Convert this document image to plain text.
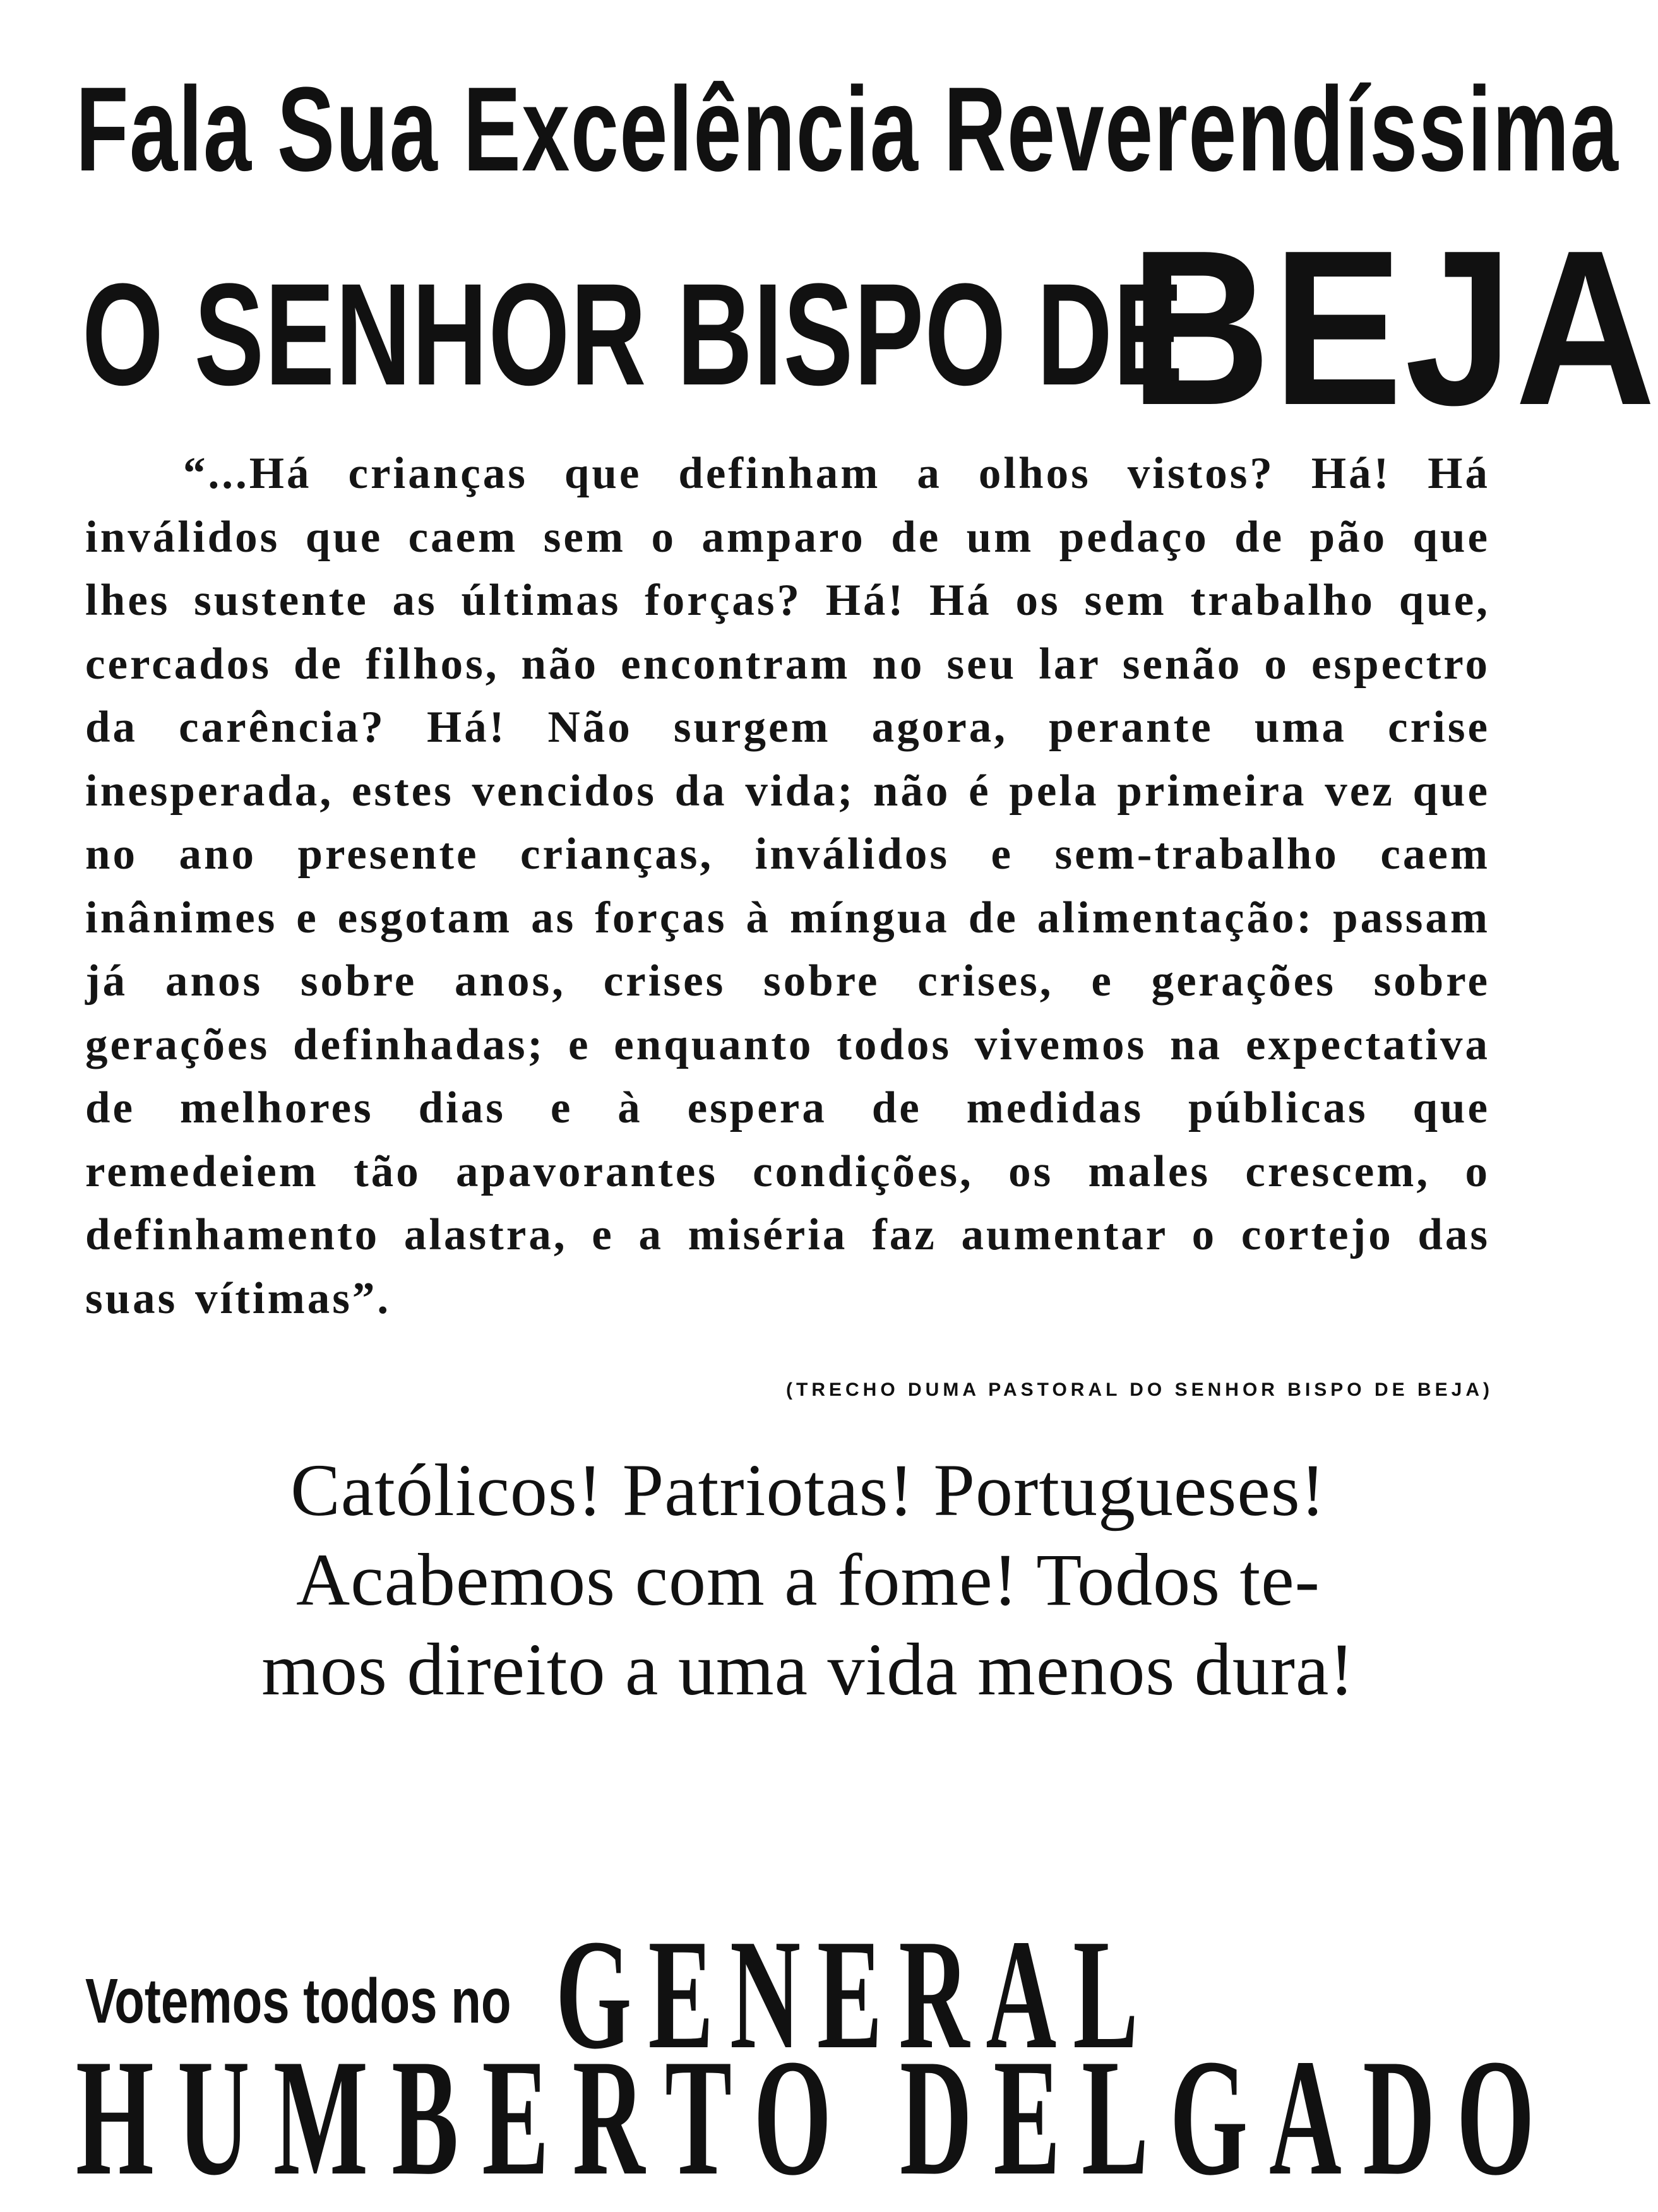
Fala Sua Excelência Reverendíssima
O SENHOR BISPO DE
BEJA

“...Há crianças que definham a olhos vistos? Há! Há inválidos que caem sem o amparo de um pedaço de pão que lhes sustente as últimas forças? Há! Há os sem trabalho que, cercados de filhos, não encontram no seu lar senão o espectro da carência? Há! Não surgem agora, perante uma crise inesperada, estes vencidos da vida; não é pela primeira vez que no ano presente crianças, inválidos e sem-trabalho caem inânimes e esgotam as forças à míngua de alimentação: passam já anos sobre anos, crises sobre crises, e gerações sobre gerações definhadas; e enquanto todos vivemos na expectativa de melhores dias e à espera de medidas públicas que remedeiem tão apavorantes condições, os males crescem, o definhamento alastra, e a miséria faz aumentar o cortejo das suas vítimas”.

(TRECHO DUMA PASTORAL DO SENHOR BISPO DE BEJA)
Católicos! Patriotas! Portugueses!
Acabemos com a fome! Todos te-
mos direito a uma vida menos dura!
Votemos todos no GENERAL
HUMBERTO DELGADO
